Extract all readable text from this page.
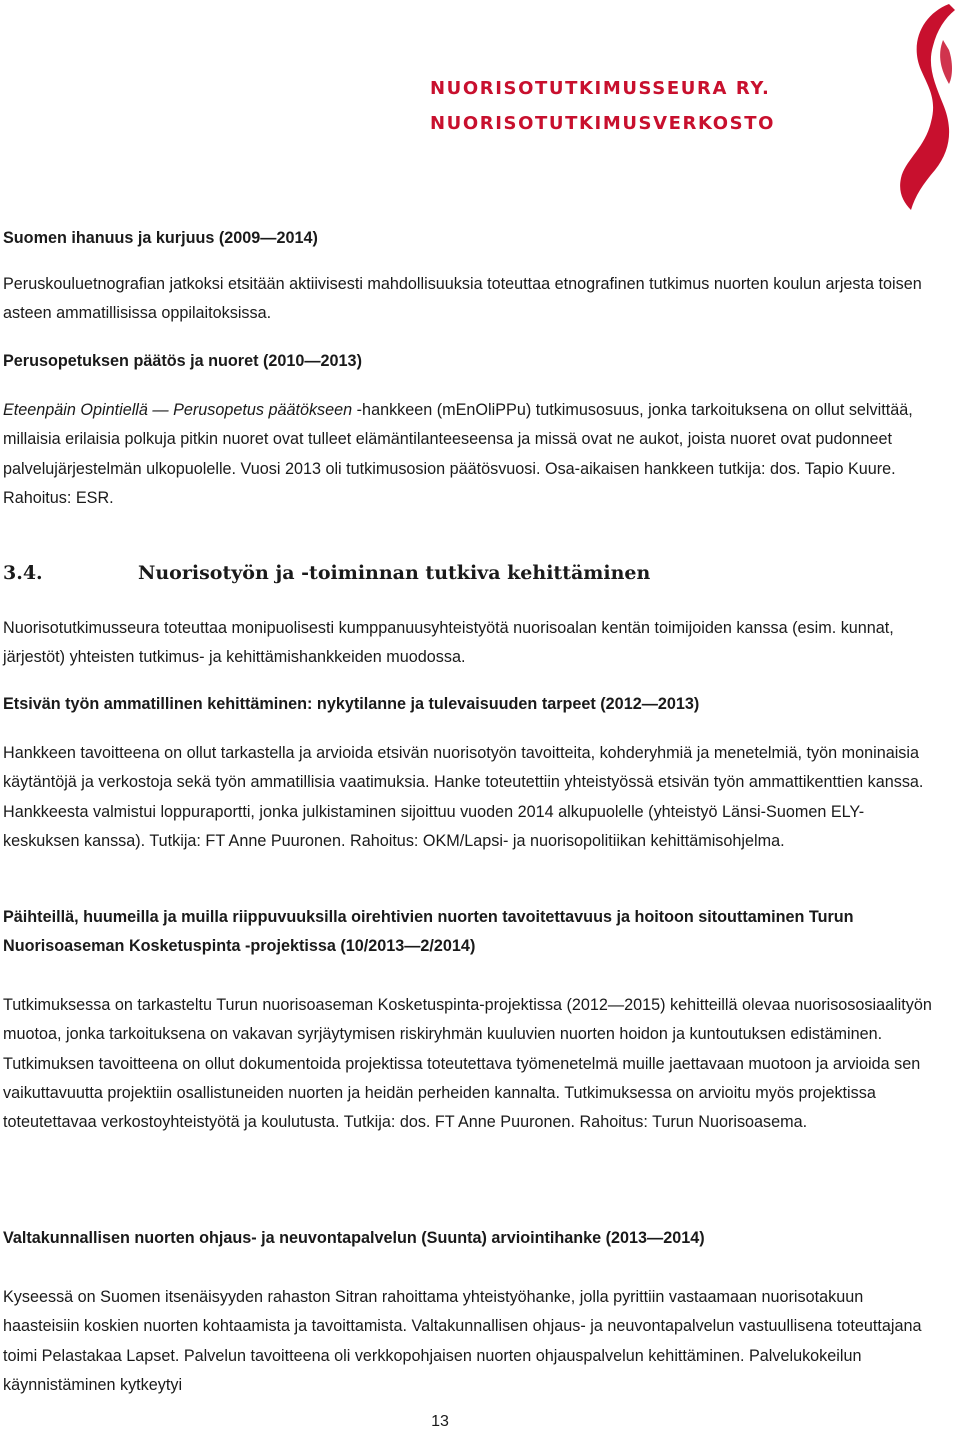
NUORISOTUTKIMUSSEURA RY.
NUORISOTUTKIMUSVERKOSTO

Suomen ihanuus ja kurjuus (2009—2014)

Peruskouluetnografian jatkoksi etsitään aktiivisesti mahdollisuuksia toteuttaa etnografinen tutkimus nuorten koulun arjesta toisen asteen ammatillisissa oppilaitoksissa.

Perusopetuksen päätös ja nuoret (2010—2013)

Eteenpäin Opintiellä — Perusopetus päätökseen -hankkeen (mEnOliPPu) tutkimusosuus, jonka tarkoituksena on ollut selvittää, millaisia erilaisia polkuja pitkin nuoret ovat tulleet elämäntilanteeseensa ja missä ovat ne aukot, joista nuoret ovat pudonneet palvelujärjestelmän ulkopuolelle. Vuosi 2013 oli tutkimusosion päätösvuosi. Osa-aikaisen hankkeen tutkija: dos. Tapio Kuure. Rahoitus: ESR.

3.4.	Nuorisotyön ja -toiminnan tutkiva kehittäminen

Nuorisotutkimusseura toteuttaa monipuolisesti kumppanuusyhteistyötä nuorisoalan kentän toimijoiden kanssa (esim. kunnat, järjestöt) yhteisten tutkimus- ja kehittämishankkeiden muodossa.

Etsivän työn ammatillinen kehittäminen: nykytilanne ja tulevaisuuden tarpeet (2012—2013)

Hankkeen tavoitteena on ollut tarkastella ja arvioida etsivän nuorisotyön tavoitteita, kohderyhmiä ja menetelmiä, työn moninaisia käytäntöjä ja verkostoja sekä työn ammatillisia vaatimuksia. Hanke toteutettiin yhteistyössä etsivän työn ammattikenttien kanssa. Hankkeesta valmistui loppuraportti, jonka julkistaminen sijoittuu vuoden 2014 alkupuolelle (yhteistyö Länsi-Suomen ELY-keskuksen kanssa). Tutkija: FT Anne Puuronen. Rahoitus: OKM/Lapsi- ja nuorisopolitiikan kehittämisohjelma.

Päihteillä, huumeilla ja muilla riippuvuuksilla oirehtivien nuorten tavoitettavuus ja hoitoon sitouttaminen Turun Nuorisoaseman Kosketuspinta -projektissa (10/2013—2/2014)

Tutkimuksessa on tarkasteltu Turun nuorisoaseman Kosketuspinta-projektissa (2012—2015) kehitteillä olevaa nuorisososiaalityön muotoa, jonka tarkoituksena on vakavan syrjäytymisen riskiryhmän kuuluvien nuorten hoidon ja kuntoutuksen edistäminen. Tutkimuksen tavoitteena on ollut dokumentoida projektissa toteutettava työmenetelmä muille jaettavaan muotoon ja arvioida sen vaikuttavuutta projektiin osallistuneiden nuorten ja heidän perheiden kannalta. Tutkimuksessa on arvioitu myös projektissa toteutettavaa verkostoyhteistyötä ja koulutusta. Tutkija: dos. FT Anne Puuronen. Rahoitus: Turun Nuorisoasema.

Valtakunnallisen nuorten ohjaus- ja neuvontapalvelun (Suunta) arviointihanke (2013—2014)

Kyseessä on Suomen itsenäisyyden rahaston Sitran rahoittama yhteistyöhanke, jolla pyrittiin vastaamaan nuorisotakuun haasteisiin koskien nuorten kohtaamista ja tavoittamista. Valtakunnallisen ohjaus- ja neuvontapalvelun vastuullisena toteuttajana toimi Pelastakaa Lapset. Palvelun tavoitteena oli verkkopohjaisen nuorten ohjauspalvelun kehittäminen. Palvelukokeilun käynnistäminen kytkeytyi

13
